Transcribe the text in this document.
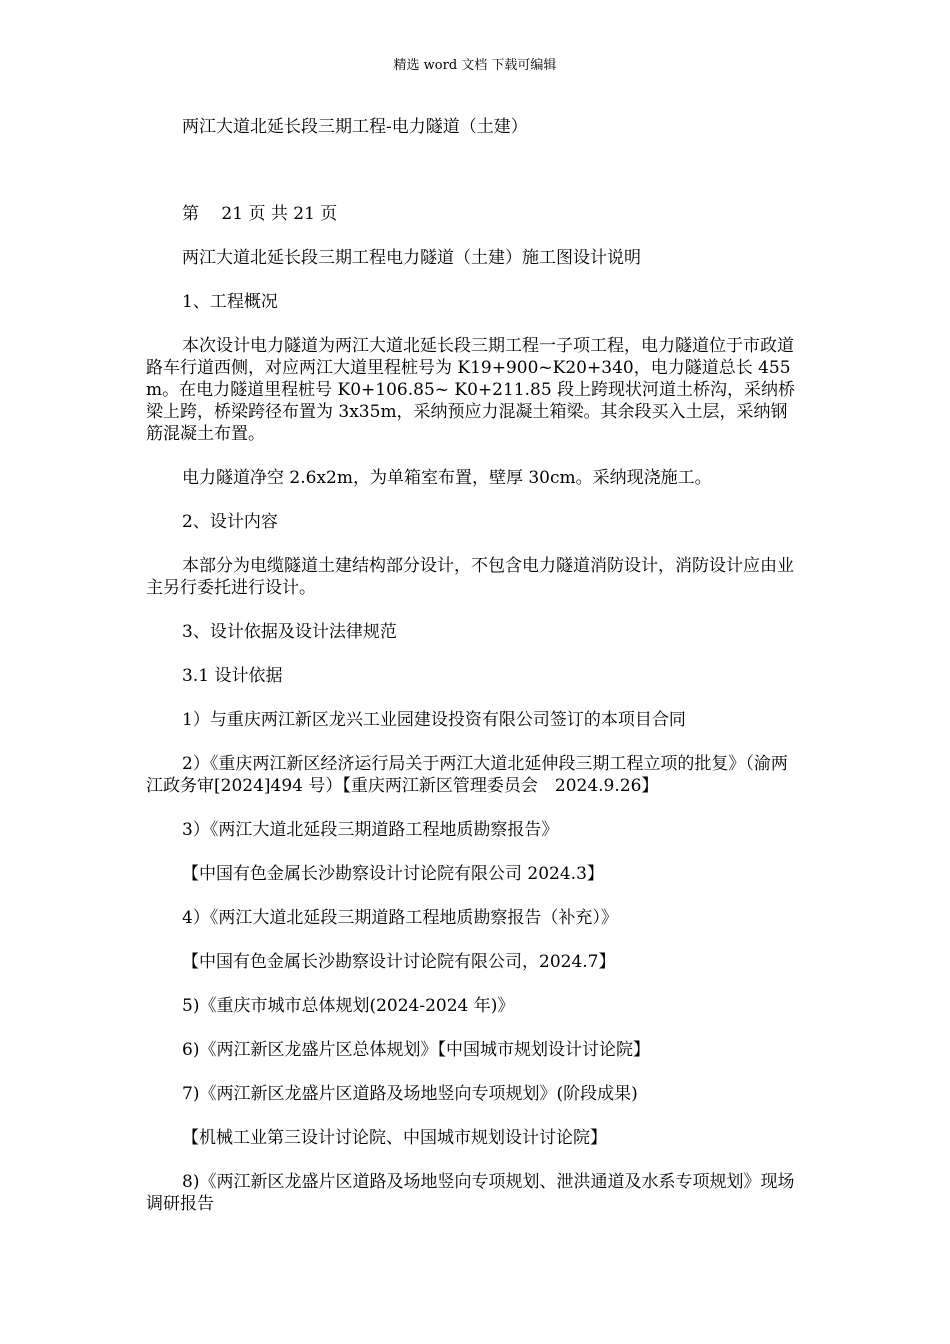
精选 word 文档 下载可编辑

两江大道北延长段三期工程-电力隧道（土建）

第　 21 页 共 21 页

两江大道北延长段三期工程电力隧道（土建）施工图设计说明

1、工程概况

本次设计电力隧道为两江大道北延长段三期工程一子项工程，电力隧道位于市政道路车行道西侧，对应两江大道里程桩号为 K19+900~K20+340，电力隧道总长 455m。在电力隧道里程桩号 K0+106.85~ K0+211.85 段上跨现状河道土桥沟，采纳桥梁上跨，桥梁跨径布置为 3x35m，采纳预应力混凝土箱梁。其余段买入土层，采纳钢筋混凝土布置。

电力隧道净空 2.6x2m，为单箱室布置，壁厚 30cm。采纳现浇施工。

2、设计内容

本部分为电缆隧道土建结构部分设计，不包含电力隧道消防设计，消防设计应由业主另行委托进行设计。

3、设计依据及设计法律规范

3.1 设计依据

1）与重庆两江新区龙兴工业园建设投资有限公司签订的本项目合同

2）《重庆两江新区经济运行局关于两江大道北延伸段三期工程立项的批复》（渝两江政务审[2024]494 号）【重庆两江新区管理委员会　2024.9.26】

3）《两江大道北延段三期道路工程地质勘察报告》

【中国有色金属长沙勘察设计讨论院有限公司 2024.3】

4）《两江大道北延段三期道路工程地质勘察报告（补充）》

【中国有色金属长沙勘察设计讨论院有限公司，2024.7】

5)《重庆市城市总体规划(2024-2024 年)》

6)《两江新区龙盛片区总体规划》【中国城市规划设计讨论院】

7)《两江新区龙盛片区道路及场地竖向专项规划》(阶段成果)

【机械工业第三设计讨论院、中国城市规划设计讨论院】

8)《两江新区龙盛片区道路及场地竖向专项规划、泄洪通道及水系专项规划》现场调研报告
